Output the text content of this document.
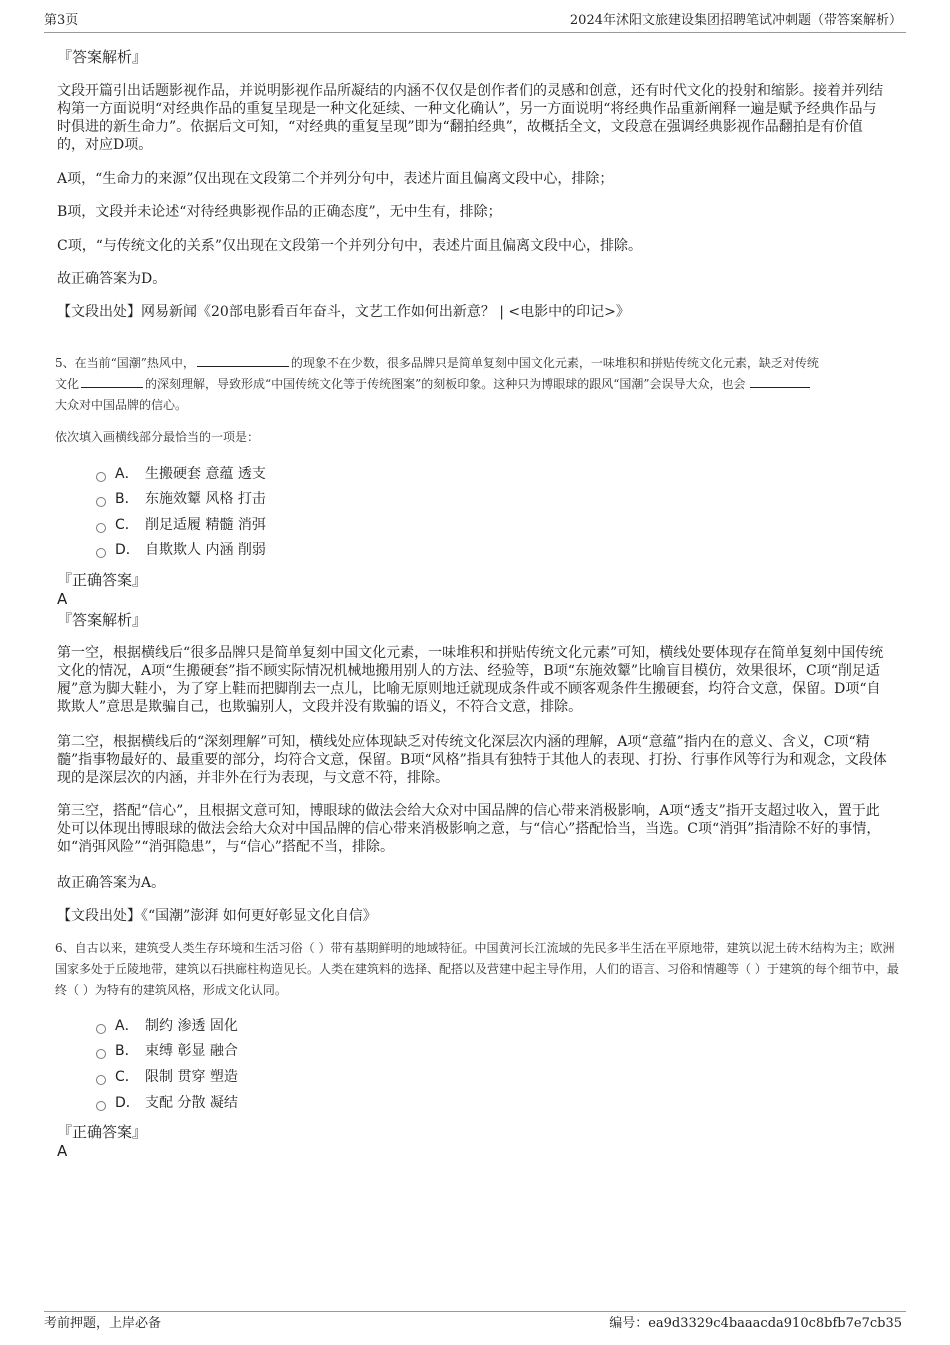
第3页	2024年沭阳文旅建设集团招聘笔试冲刺题（带答案解析）
『答案解析』
文段开篇引出话题影视作品，并说明影视作品所凝结的内涵不仅仅是创作者们的灵感和创意，还有时代文化的投射和缩影。接着并列结构第一方面说明“对经典作品的重复呈现是一种文化延续、一种文化确认”，另一方面说明“将经典作品重新阐释一遍是赋予经典作品与时俱进的新生命力”。依据后文可知，“对经典的重复呈现”即为“翻拍经典”，故概括全文，文段意在强调经典影视作品翻拍是有价值的，对应D项。
A项，“生命力的来源”仅出现在文段第二个并列分句中，表述片面且偏离文段中心，排除；
B项，文段并未论述“对待经典影视作品的正确态度”，无中生有，排除；
C项，“与传统文化的关系”仅出现在文段第一个并列分句中，表述片面且偏离文段中心，排除。
故正确答案为D。
【文段出处】网易新闻《20部电影看百年奋斗，文艺工作如何出新意？ | <电影中的印记>》
5、在当前“国潮”热风中，	的现象不在少数，很多品牌只是简单复刻中国文化元素，一味堆积和拼贴传统文化元素，缺乏对传统
文化	的深刻理解，导致形成“中国传统文化等于传统图案”的刻板印象。这种只为博眼球的跟风“国潮”会误导大众，也会
大众对中国品牌的信心。
依次填入画横线部分最恰当的一项是：
A． 生搬硬套 意蕴 透支
B． 东施效颦 风格 打击
C． 削足适履 精髓 消弭
D． 自欺欺人 内涵 削弱
『正确答案』
A
『答案解析』
第一空，根据横线后“很多品牌只是简单复刻中国文化元素，一味堆积和拼贴传统文化元素”可知，横线处要体现存在简单复刻中国传统文化的情况，A项“生搬硬套”指不顾实际情况机械地搬用别人的方法、经验等，B项“东施效颦”比喻盲目模仿，效果很坏，C项“削足适履”意为脚大鞋小，为了穿上鞋而把脚削去一点儿，比喻无原则地迁就现成条件或不顾客观条件生搬硬套，均符合文意，保留。D项“自欺欺人”意思是欺骗自己，也欺骗别人，文段并没有欺骗的语义，不符合文意，排除。
第二空，根据横线后的“深刻理解”可知，横线处应体现缺乏对传统文化深层次内涵的理解，A项“意蕴”指内在的意义、含义，C项“精髓”指事物最好的、最重要的部分，均符合文意，保留。B项“风格”指具有独特于其他人的表现、打扮、行事作风等行为和观念，文段体现的是深层次的内涵，并非外在行为表现，与文意不符，排除。
第三空，搭配“信心”，且根据文意可知，博眼球的做法会给大众对中国品牌的信心带来消极影响，A项“透支”指开支超过收入，置于此处可以体现出博眼球的做法会给大众对中国品牌的信心带来消极影响之意，与“信心”搭配恰当，当选。C项“消弭”指清除不好的事情，如“消弭风险”“消弭隐患”，与“信心”搭配不当，排除。
故正确答案为A。
【文段出处】《“国潮”澎湃 如何更好彰显文化自信》
6、自古以来，建筑受人类生存环境和生活习俗（ ）带有基期鲜明的地域特征。中国黄河长江流域的先民多半生活在平原地带，建筑以泥土砖木结构为主；欧洲国家多处于丘陵地带，建筑以石拱廊柱构造见长。人类在建筑料的选择、配搭以及营建中起主导作用，人们的语言、习俗和情趣等（ ）于建筑的每个细节中，最终（ ）为特有的建筑风格，形成文化认同。
A． 制约 渗透 固化
B． 束缚 彰显 融合
C． 限制 贯穿 塑造
D． 支配 分散 凝结
『正确答案』
A
考前押题，上岸必备	编号：ea9d3329c4baaacda910c8bfb7e7cb35
